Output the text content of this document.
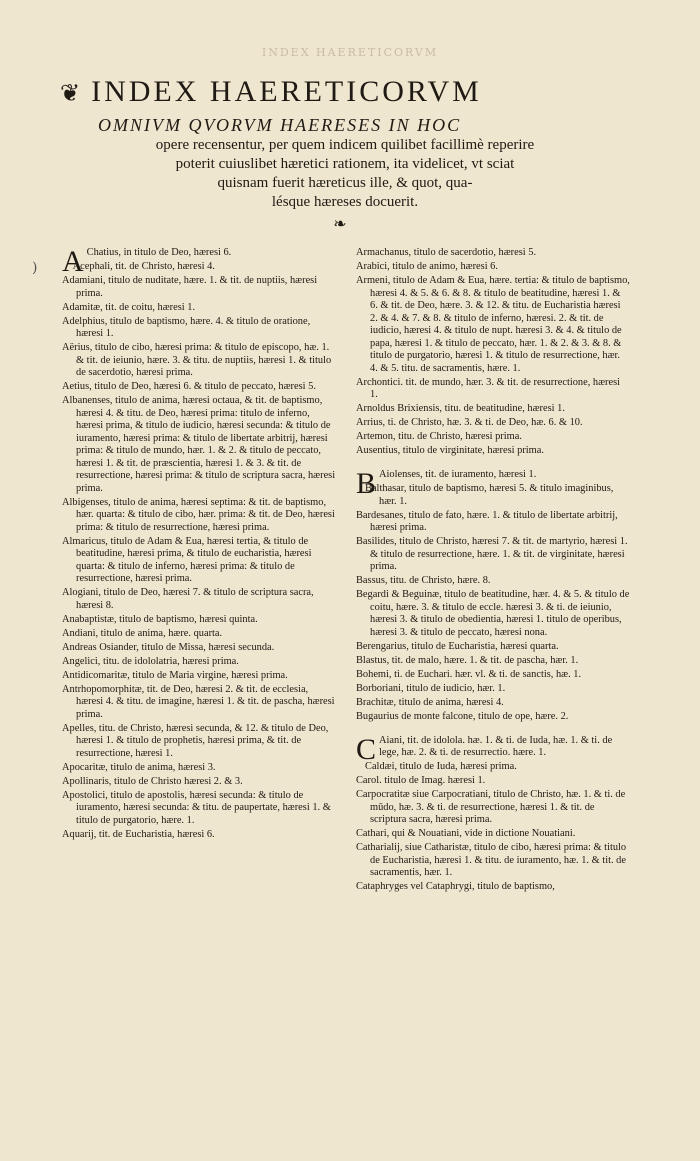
INDEX HAERETICORVM
)
❦ INDEX HAERETICORVM
OMNIVM QVORVM HAERESES IN HOC
opere recensentur, per quem indicem quilibet facillimè reperire
poterit cuiuslibet hæretici rationem, ita videlicet, vt sciat
quisnam fuerit hæreticus ille, & quot, qua-
lésque hæreses docuerit.
❧

A Chatius, in titulo de Deo, hæresi 6.

Acephali, tit. de Christo, hæresi 4.

Adamiani, titulo de nuditate, hære. 1. & tit. de nuptiis, hæresi prima.

Adamitæ, tit. de coitu, hæresi 1.

Adelphius, titulo de baptismo, hære. 4. & titulo de oratione, hæresi 1.

Aërius, titulo de cibo, hæresi prima: & titulo de episcopo, hæ. 1. & tit. de ieiunio, hære. 3. & titu. de nuptiis, hæresi 1. & titulo de sacerdotio, hæresi prima.

Aetius, titulo de Deo, hæresi 6. & titulo de peccato, hæresi 5.

Albanenses, titulo de anima, hæresi octaua, & tit. de baptismo, hæresi 4. & titu. de Deo, hæresi prima: titulo de inferno, hæresi prima, & titulo de iudicio, hæresi secunda: & titulo de iuramento, hæresi prima: & titulo de libertate arbitrij, hæresi prima: & titulo de mundo, hær. 1. & 2. & titulo de peccato, hæresi 1. & tit. de præscientia, hæresi 1. & 3. & tit. de resurrectione, hæresi prima: & titulo de scriptura sacra, hæresi prima.

Albigenses, titulo de anima, hæresi septima: & tit. de baptismo, hær. quarta: & titulo de cibo, hær. prima: & tit. de Deo, hæresi prima: & titulo de resurrectione, hæresi prima.

Almaricus, titulo de Adam & Eua, hæresi tertia, & titulo de beatitudine, hæresi prima, & titulo de eucharistia, hæresi quarta: & titulo de inferno, hæresi prima: & titulo de resurrectione, hæresi prima.

Alogiani, titulo de Deo, hæresi 7. & titulo de scriptura sacra, hæresi 8.

Anabaptistæ, titulo de baptismo, hæresi quinta.

Andiani, titulo de anima, hære. quarta.

Andreas Osiander, titulo de Missa, hæresi secunda.

Angelici, titu. de idololatria, hæresi prima.

Antidicomaritæ, titulo de Maria virgine, hæresi prima.

Antrhopomorphitæ, tit. de Deo, hæresi 2. & tit. de ecclesia, hæresi 4. & titu. de imagine, hæresi 1. & tit. de pascha, hæresi prima.

Apelles, titu. de Christo, hæresi secunda, & 12. & titulo de Deo, hæresi 1. & titulo de prophetis, hæresi prima, & tit. de resurrectione, hæresi 1.

Apocaritæ, titulo de anima, hæresi 3.

Apollinaris, titulo de Christo hæresi 2. & 3.

Apostolici, titulo de apostolis, hæresi secunda: & titulo de iuramento, hæresi secunda: & titu. de paupertate, hæresi 1. & titulo de purgatorio, hære. 1.

Aquarij, tit. de Eucharistia, hæresi 6.

Armachanus, titulo de sacerdotio, hæresi 5.

Arabici, titulo de animo, hæresi 6.

Armeni, titulo de Adam & Eua, hære. tertia: & titulo de baptismo, hæresi 4. & 5. & 6. & 8. & titulo de beatitudine, hæresi 1. & 6. & tit. de Deo, hære. 3. & 12. & titu. de Eucharistia hæresi 2. & 4. & 7. & 8. & titulo de inferno, hæresi. 2. & tit. de iudicio, hæresi 4. & titulo de nupt. hæresi 3. & 4. & titulo de papa, hæresi 1. & titulo de peccato, hær. 1. & 2. & 3. & 8. & titulo de purgatorio, hæresi 1. & titulo de resurrectione, hær. 4. & 5. titu. de sacramentis, hære. 1.

Archontici. tit. de mundo, hær. 3. & tit. de resurrectione, hæresi 1.

Arnoldus Brixiensis, titu. de beatitudine, hæresi 1.

Arrius, ti. de Christo, hæ. 3. & ti. de Deo, hæ. 6. & 10.

Artemon, titu. de Christo, hæresi prima.

Ausentius, titulo de virginitate, hæresi prima.

B Aiolenses, tit. de iuramento, hæresi 1.

Balthasar, titulo de baptismo, hæresi 5. & titulo imaginibus, hær. 1.

Bardesanes, titulo de fato, hære. 1. & titulo de libertate arbitrij, hæresi prima.

Basilides, titulo de Christo, hæresi 7. & tit. de martyrio, hæresi 1. & titulo de resurrectione, hære. 1. & tit. de virginitate, hæresi prima.

Bassus, titu. de Christo, hære. 8.

Begardi & Beguinæ, titulo de beatitudine, hær. 4. & 5. & titulo de coitu, hære. 3. & titulo de eccle. hæresi 3. & ti. de ieiunio, hæresi 3. & titulo de obedientia, hæresi 1. titulo de operibus, hæresi 3. & titulo de peccato, hæresi nona.

Berengarius, titulo de Eucharistia, hæresi quarta.

Blastus, tit. de malo, hære. 1. & tit. de pascha, hær. 1.

Bohemi, ti. de Euchari. hær. vl. & ti. de sanctis, hæ. 1.

Borboriani, titulo de iudicio, hær. 1.

Brachitæ, titulo de anima, hæresi 4.

Bugaurius de monte falcone, titulo de ope, hære. 2.

C Aiani, tit. de idolola. hæ. 1. & ti. de Iuda, hæ. 1. & ti. de lege, hæ. 2. & ti. de resurrectio. hære. 1.

Caldæi, titulo de Iuda, hæresi prima.

Carol. titulo de Imag. hæresi 1.

Carpocratitæ siue Carpocratiani, titulo de Christo, hæ. 1. & ti. de mūdo, hæ. 3. & ti. de resurrectione, hæresi 1. & tit. de scriptura sacra, hæresi prima.

Cathari, qui & Nouatiani, vide in dictione Nouatiani.

Catharialij, siue Catharistæ, titulo de cibo, hæresi prima: & titulo de Eucharistia, hæresi 1. & titu. de iuramento, hæ. 1. & tit. de sacramentis, hær. 1.

Cataphryges vel Cataphrygi, titulo de baptismo,
